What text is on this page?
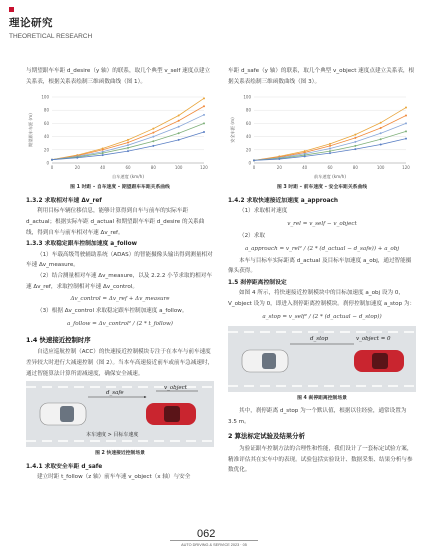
理论研究
THEORETICAL RESEARCH

与期望跟车车距 d_desire（y 轴）的联系，取几个典型 v_self 速度点建立关系表，根据关系表绘制三维函数曲线（图 1）。

0
20
40
60
80
100
0	20	40	60	80	100	120
自车速度 (km/h)
期望跟车车距 (m)
图 1 时距 – 自车速度 – 期望跟车车距关系曲线
1.3.2 求取相对车速 Δv_ref

利用目标车辆位移信息，能够计算得到自车与前车的实际车距 d_actual；根据实际车距 d_actual 和期望跟车车距 d_desire 的关系曲线，得到自车与前车相对车速 Δv_ref。

1.3.3 求取稳定跟车控制加速度 a_follow

（1）车载高级驾驶辅助系统（ADAS）的智能摄像头输出得到测量相对车速 Δv_measure。

（2）结合测量相对车速 Δv_measure，以及 2.2.2 小节求取的相对车速 Δv_ref，求取控制相对车速 Δv_control。

Δv_control = Δv_ref + Δv_measure

（3）根据 Δv_control 求取稳定跟车控制加速度 a_follow。

a_follow = Δv_control² / (2 * t_follow)
1.4 快速接近控制时序

自适应巡航控制（ACC）的快速接近控制模块专注于在本车与前车速度差异较大时进行大减速控制（图 2）。当本车高速接近前车或前车急减速时，通过智能算法计算所需减速度，确保安全减速。

d_safe
v_object
本车速度 > 目标车速度
图 2 快速接近控制场景
1.4.1 求取安全车距 d_safe

建立时距 t_follow（z 轴）前车车速 v_object（x 轴）与安全

车距 d_safe（y 轴）的联系，取几个典型 v_object 速度点建立关系表，根据关系表绘制三维函数曲线（图 3）。

0
20
40
60
80
100
0	20	40	60	80	100	120
前车速度 (km/h)
安全车距 (m)
图 3 时距 – 前车速度 – 安全车距关系曲线
1.4.2 求取快速接近加速度 a_approach

（1）求取相对速度

v_rel = v_self − v_object

（2）求取

a_approach = v_rel² / (2 * (d_actual − d_safe)) + a_obj

本车与目标车实际距离 d_actual 及目标车加速度 a_obj，通过智能摄像头获得。

1.5 刹停距离控制设定

如图 4 所示，将快速接近控制模块中的目标加速度 a_obj 设为 0，V_object 设为 0，即进入刹停距离控制模块。刹停控制加速度 a_stop 为：

a_stop = v_self² / (2 * (d_actual − d_stop))
d_stop	v_object = 0
图 4 刹停距离控制场景

其中，刹停距离 d_stop 为一个默认值，根据以往经验，通常设置为 3.5 m。

2 算法标定试验及结果分析

为验证跟车控制方法的合理性和性能，我们设计了一套标定试验方案，精准评估其在实车中的表现。试验包括实验设计、数据采集、结果分析与参数优化。

062
AUTO DRIVING & SERVICE 2023 · 05
